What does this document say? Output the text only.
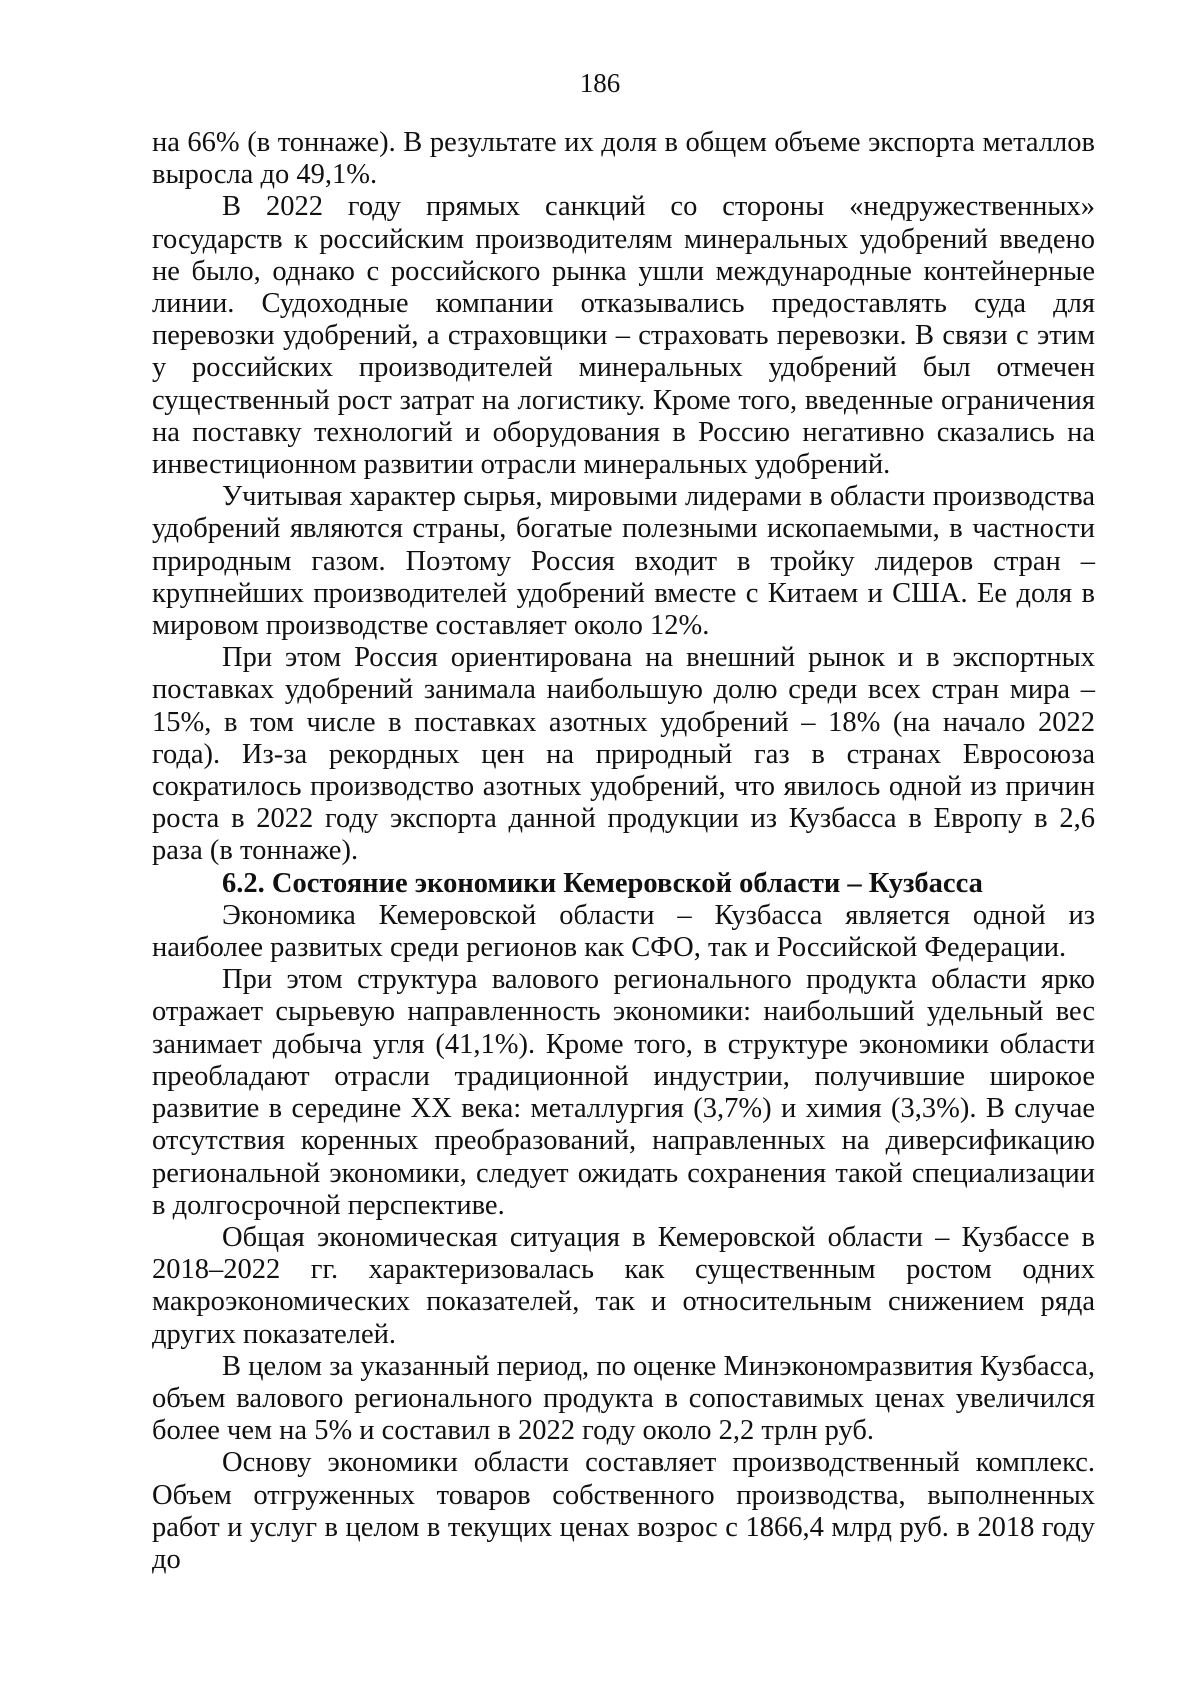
186

на 66% (в тоннаже). В результате их доля в общем объеме экспорта металлов выросла до 49,1%.

В 2022 году прямых санкций со стороны «недружественных» государств к российским производителям минеральных удобрений введено не было, однако с российского рынка ушли международные контейнерные линии. Судоходные компании отказывались предоставлять суда для перевозки удобрений, а страховщики – страховать перевозки. В связи с этим у российских производителей минеральных удобрений был отмечен существенный рост затрат на логистику. Кроме того, введенные ограничения на поставку технологий и оборудования в Россию негативно сказались на инвестиционном развитии отрасли минеральных удобрений.

Учитывая характер сырья, мировыми лидерами в области производства удобрений являются страны, богатые полезными ископаемыми, в частности природным газом. Поэтому Россия входит в тройку лидеров стран – крупнейших производителей удобрений вместе с Китаем и США. Ее доля в мировом производстве составляет около 12%.

При этом Россия ориентирована на внешний рынок и в экспортных поставках удобрений занимала наибольшую долю среди всех стран мира – 15%, в том числе в поставках азотных удобрений – 18% (на начало 2022 года). Из-за рекордных цен на природный газ в странах Евросоюза сократилось производство азотных удобрений, что явилось одной из причин роста в 2022 году экспорта данной продукции из Кузбасса в Европу в 2,6 раза (в тоннаже).

6.2. Состояние экономики Кемеровской области – Кузбасса

Экономика Кемеровской области – Кузбасса является одной из наиболее развитых среди регионов как СФО, так и Российской Федерации.

При этом структура валового регионального продукта области ярко отражает сырьевую направленность экономики: наибольший удельный вес занимает добыча угля (41,1%). Кроме того, в структуре экономики области преобладают отрасли традиционной индустрии, получившие широкое развитие в середине XX века: металлургия (3,7%) и химия (3,3%). В случае отсутствия коренных преобразований, направленных на диверсификацию региональной экономики, следует ожидать сохранения такой специализации в долгосрочной перспективе.

Общая экономическая ситуация в Кемеровской области – Кузбассе в 2018–2022 гг. характеризовалась как существенным ростом одних макроэкономических показателей, так и относительным снижением ряда других показателей.

В целом за указанный период, по оценке Минэкономразвития Кузбасса, объем валового регионального продукта в сопоставимых ценах увеличился более чем на 5% и составил в 2022 году около 2,2 трлн руб.

Основу экономики области составляет производственный комплекс. Объем отгруженных товаров собственного производства, выполненных работ и услуг в целом в текущих ценах возрос с 1866,4 млрд руб. в 2018 году до
